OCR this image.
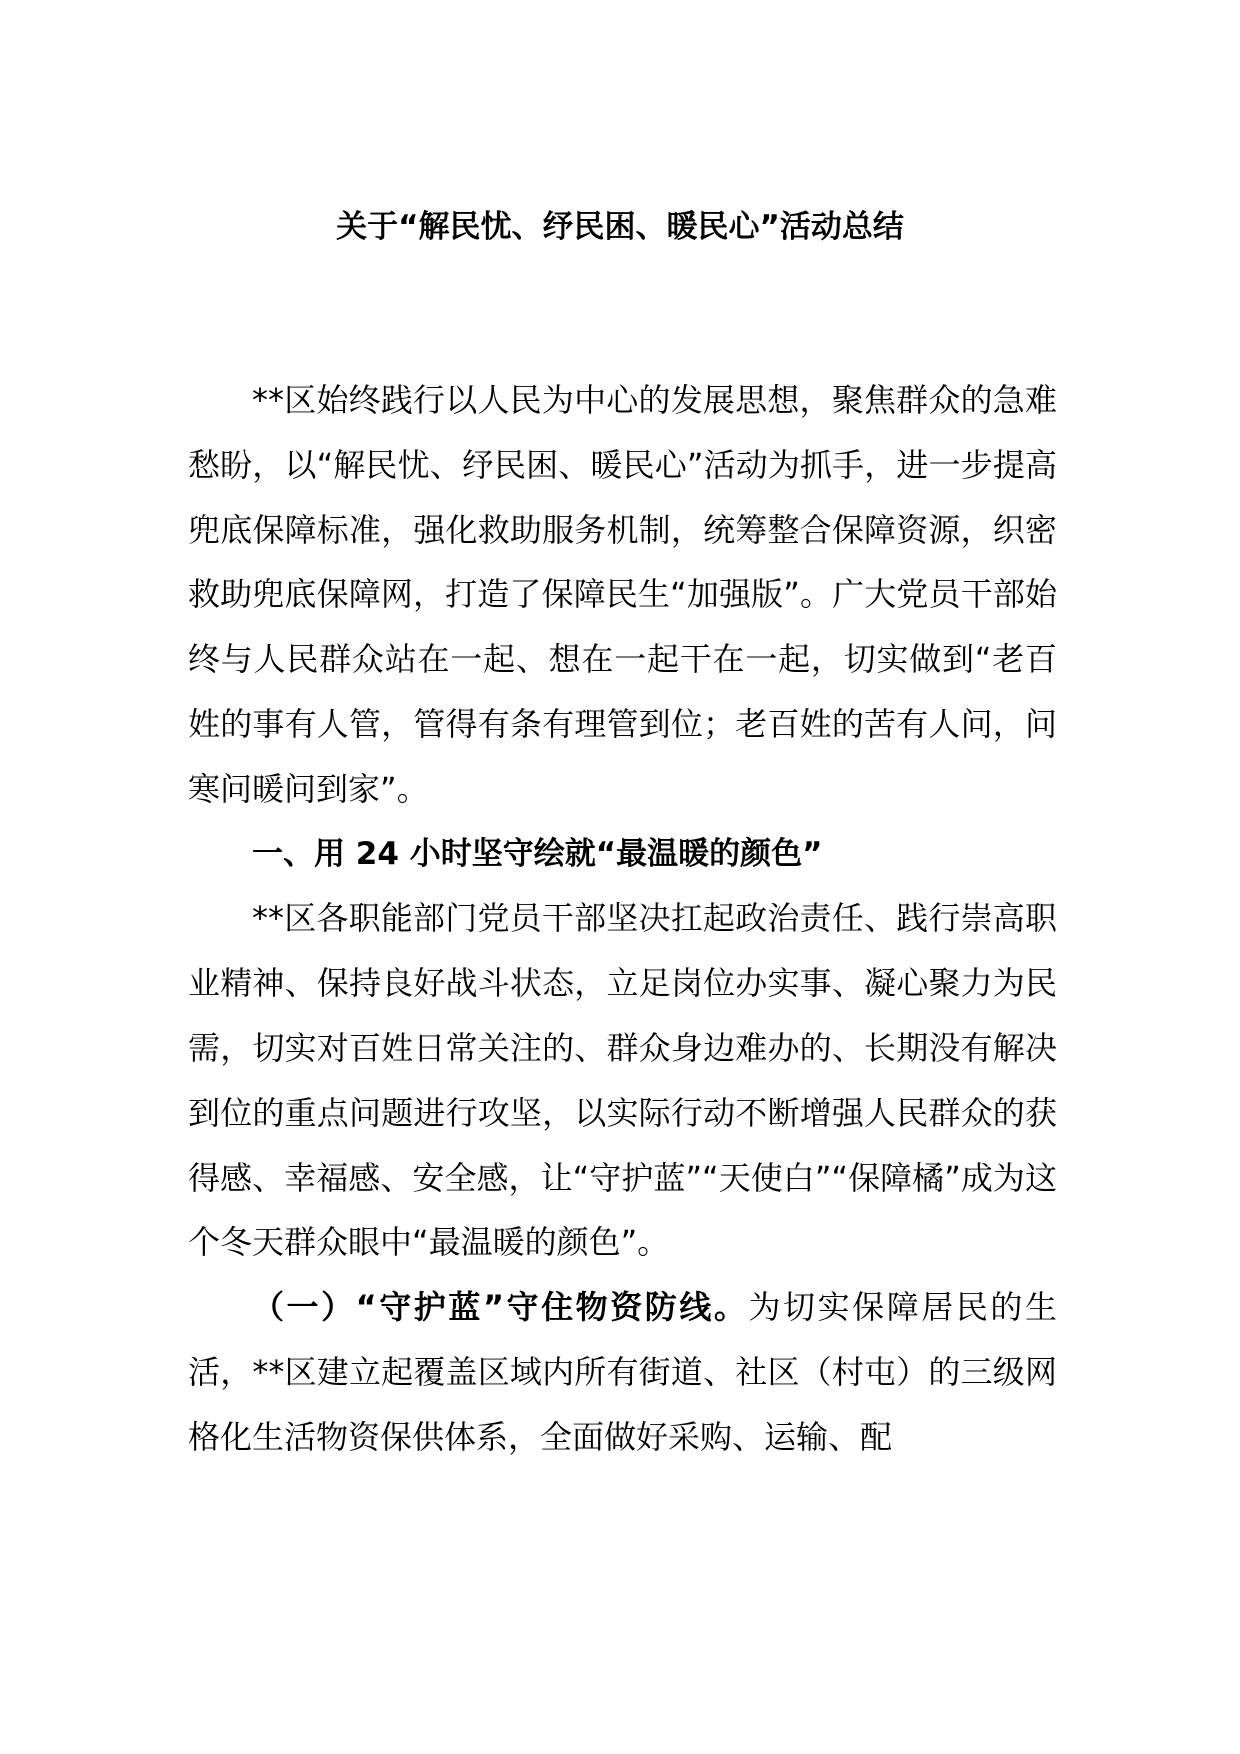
关于“解民忧、纾民困、暖民心”活动总结

**区始终践行以人民为中心的发展思想，聚焦群众的急难愁盼，以“解民忧、纾民困、暖民心”活动为抓手，进一步提高兜底保障标准，强化救助服务机制，统筹整合保障资源，织密救助兜底保障网，打造了保障民生“加强版”。广大党员干部始终与人民群众站在一起、想在一起干在一起，切实做到“老百姓的事有人管，管得有条有理管到位；老百姓的苦有人问，问寒问暖问到家”。

一、用 24 小时坚守绘就“最温暖的颜色”

**区各职能部门党员干部坚决扛起政治责任、践行崇高职业精神、保持良好战斗状态，立足岗位办实事、凝心聚力为民需，切实对百姓日常关注的、群众身边难办的、长期没有解决到位的重点问题进行攻坚，以实际行动不断增强人民群众的获得感、幸福感、安全感，让“守护蓝”“天使白”“保障橘”成为这个冬天群众眼中“最温暖的颜色”。

（一）“守护蓝”守住物资防线。为切实保障居民的生活，**区建立起覆盖区域内所有街道、社区（村屯）的三级网格化生活物资保供体系，全面做好采购、运输、配
